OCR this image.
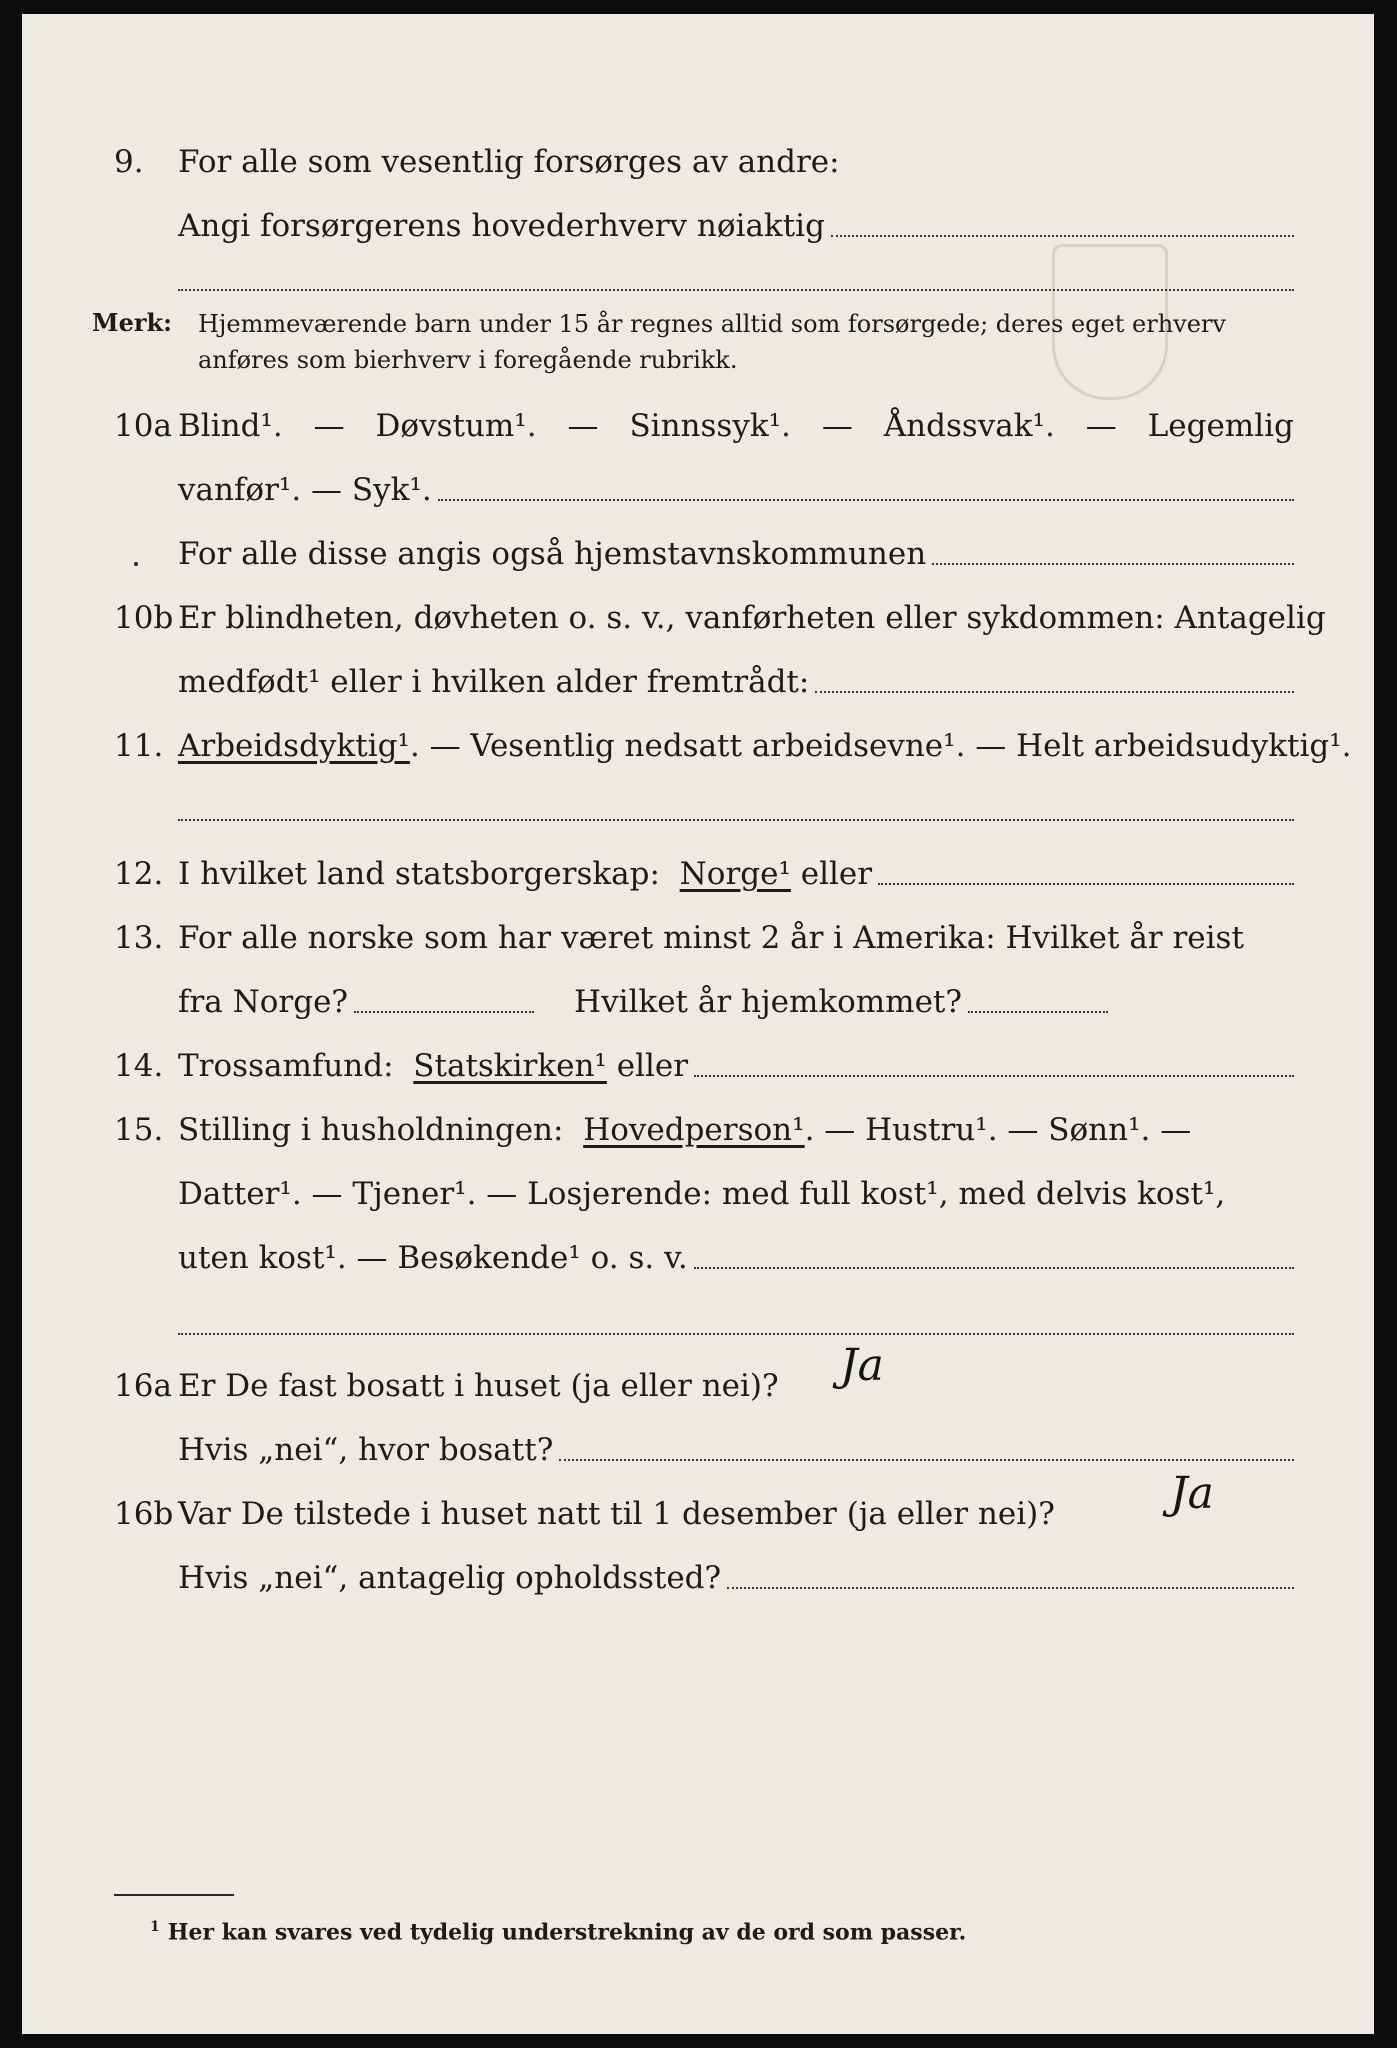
9. For alle som vesentlig forsørges av andre:
Angi forsørgerens hovederhverv nøiaktig
Merk: Hjemmeværende barn under 15 år regnes alltid som forsørgede; deres eget erhverv anføres som bierhverv i foregående rubrikk.
10a Blind¹. — Døvstum¹. — Sinnssyk¹. — Åndssvak¹. — Legemlig
vanfør¹. — Syk¹.
For alle disse angis også hjemstavnskommunen
10b Er blindheten, døvheten o. s. v., vanførheten eller sykdommen: Antagelig
medfødt¹ eller i hvilken alder fremtrådt:
11. Arbeidsdyktig¹ . — Vesentlig nedsatt arbeidsevne¹. — Helt arbeidsudyktig¹.
12. I hvilket land statsborgerskap:
Norge¹
eller
13. For alle norske som har været minst 2 år i Amerika: Hvilket år reist
fra Norge?	Hvilket år hjemkommet?
14. Trossamfund:
Statskirken¹
eller
15. Stilling i husholdningen:
Hovedperson¹ . — Hustru¹. — Sønn¹. —
Datter¹. — Tjener¹. — Losjerende: med full kost¹, med delvis kost¹,
uten kost¹. — Besøkende¹ o. s. v.
16a Er De fast bosatt i huset (ja eller nei)? Ja
Hvis „nei“, hvor bosatt?
16b Var De tilstede i huset natt til 1 desember (ja eller nei)?	Ja
Hvis „nei“, antagelig opholdssted?
$^1$ Her kan svares ved tydelig understrekning av de ord som passer.
